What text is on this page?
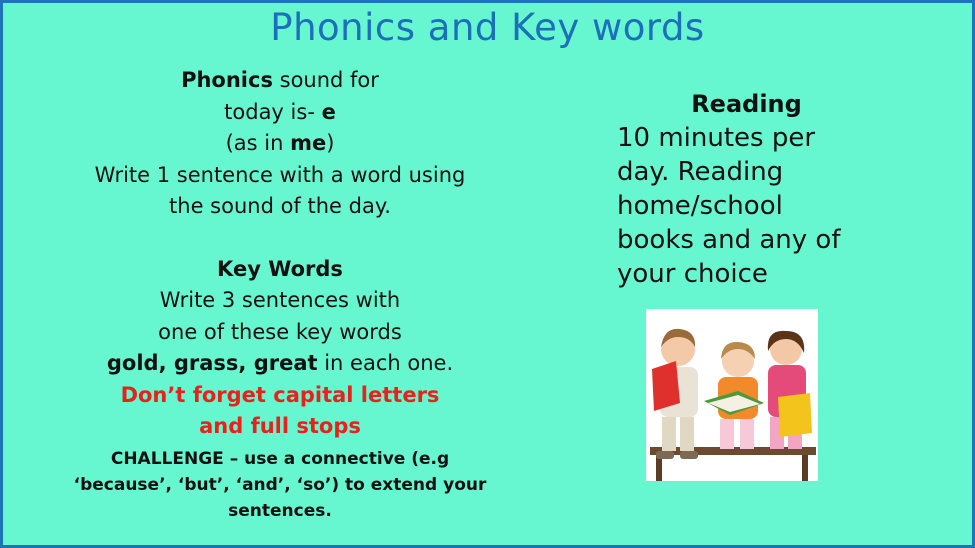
Phonics and Key words
Phonics sound for
today is- e
(as in me)
Write 1 sentence with a word using
the sound of the day.
Key Words
Write 3 sentences with
one of these key words
gold, grass, great in each one.
Don’t forget capital letters
and full stops
CHALLENGE – use a connective (e.g
‘because’, ‘but’, ‘and’, ‘so’) to extend your
sentences.
Reading
10 minutes per
day. Reading
home/school
books and any of
your choice
